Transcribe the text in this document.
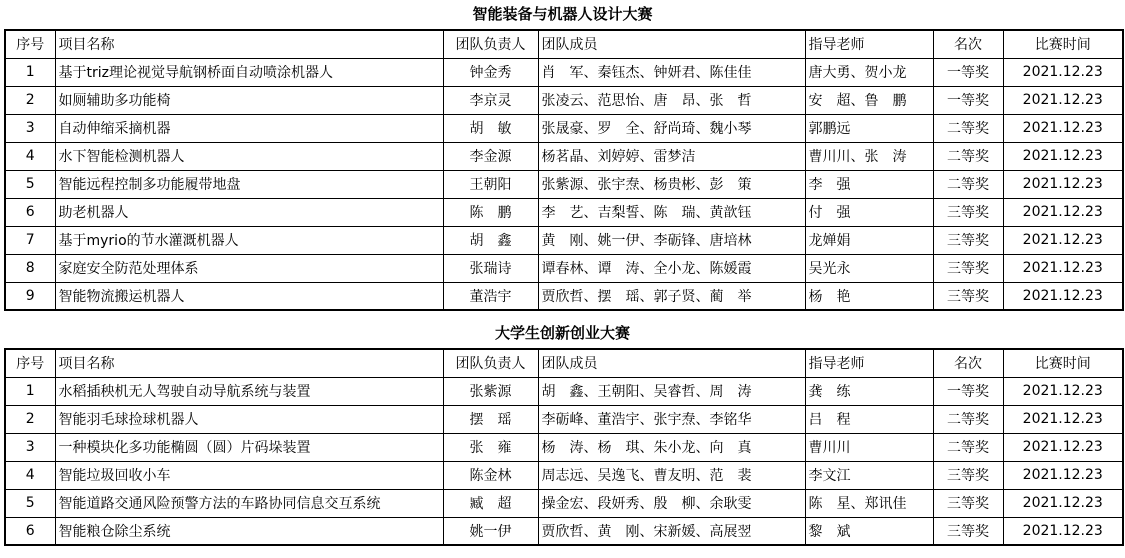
智能装备与机器人设计大赛
序号	项目名称	团队负责人	团队成员	指导老师	名次	比赛时间
1	基于triz理论视觉导航钢桥面自动喷涂机器人	钟金秀	肖　军、秦钰杰、钟妍君、陈佳佳	唐大勇、贺小龙	一等奖	2021.12.23
2	如厕辅助多功能椅	李京灵	张凌云、范思怡、唐　昂、张　哲	安　超、鲁　鹏	一等奖	2021.12.23
3	自动伸缩采摘机器	胡　敏	张晟豪、罗　全、舒尚琦、魏小琴	郭鹏远	二等奖	2021.12.23
4	水下智能检测机器人	李金源	杨茗晶、刘婷婷、雷梦洁	曹川川、张　涛	二等奖	2021.12.23
5	智能远程控制多功能履带地盘	王朝阳	张紫源、张宇焘、杨贵彬、彭　策	李　强	二等奖	2021.12.23
6	助老机器人	陈　鹏	李　艺、吉梨誓、陈　瑞、黄歆钰	付　强	三等奖	2021.12.23
7	基于myrio的节水灌溉机器人	胡　鑫	黄　刚、姚一伊、李砺锋、唐培林	龙婵娟	三等奖	2021.12.23
8	家庭安全防范处理体系	张瑞诗	谭春林、谭　涛、全小龙、陈媛霞	吴光永	三等奖	2021.12.23
9	智能物流搬运机器人	董浩宇	贾欣哲、摆　瑶、郭子贤、蔺　举	杨　艳	三等奖	2021.12.23
大学生创新创业大赛
序号	项目名称	团队负责人	团队成员	指导老师	名次	比赛时间
1	水稻插秧机无人驾驶自动导航系统与装置	张紫源	胡　鑫、王朝阳、吴睿哲、周　涛	龚　练	一等奖	2021.12.23
2	智能羽毛球捡球机器人	摆　瑶	李砺峰、董浩宇、张宇焘、李铭华	吕　程	二等奖	2021.12.23
3	一种模块化多功能椭圆（圆）片码垛装置	张　雍	杨　涛、杨　琪、朱小龙、向　真	曹川川	二等奖	2021.12.23
4	智能垃圾回收小车	陈金林	周志远、吴逸飞、曹友明、范　裴	李文江	三等奖	2021.12.23
5	智能道路交通风险预警方法的车路协同信息交互系统	臧　超	操金宏、段妍秀、殷　柳、余耿雯	陈　星、郑讯佳	三等奖	2021.12.23
6	智能粮仓除尘系统	姚一伊	贾欣哲、黄　刚、宋新媛、高展翌	黎　斌	三等奖	2021.12.23
